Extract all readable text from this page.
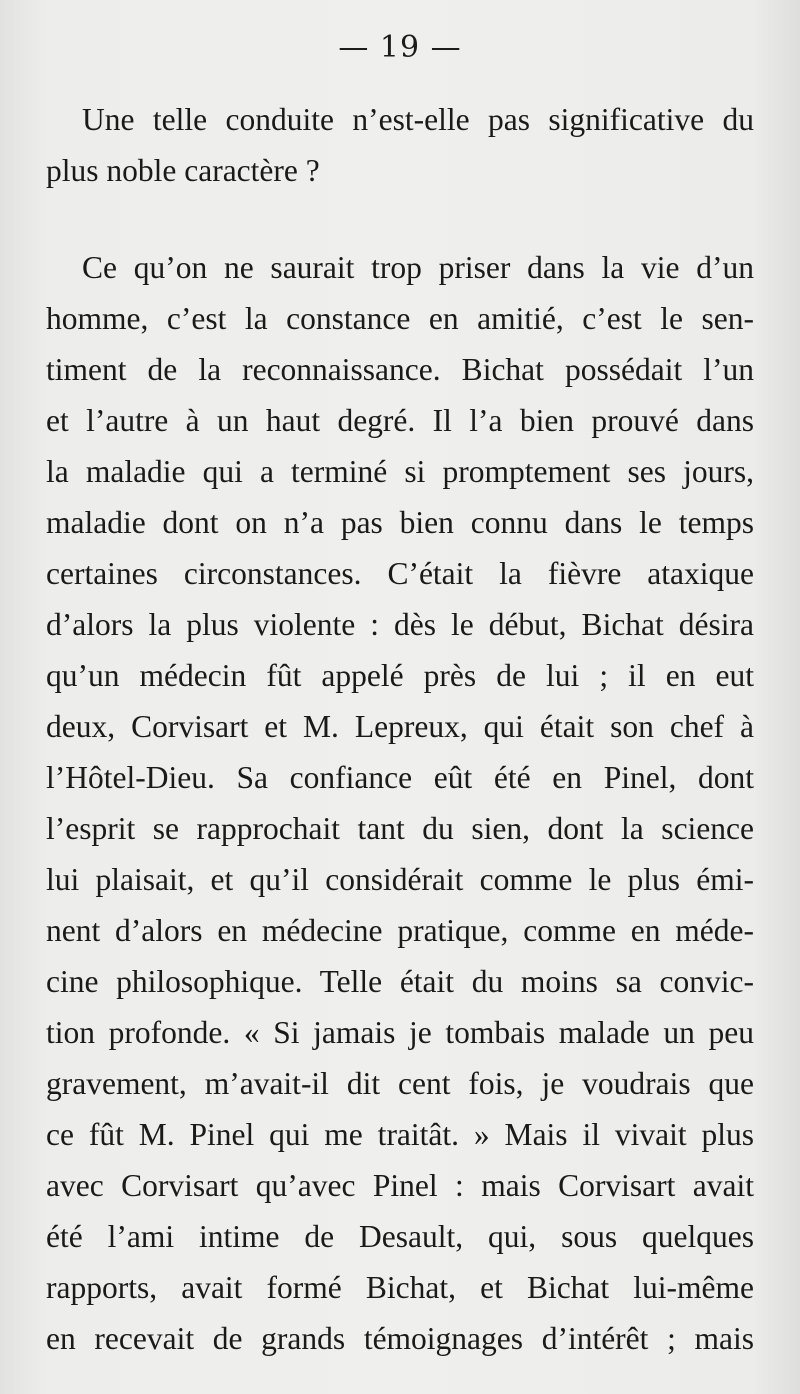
— 19 —
Une telle conduite n’est-elle pas significative du
plus noble caractère ?
Ce qu’on ne saurait trop priser dans la vie d’un
homme, c’est la constance en amitié, c’est le sen-
timent de la reconnaissance. Bichat possédait l’un
et l’autre à un haut degré. Il l’a bien prouvé dans
la maladie qui a terminé si promptement ses jours,
maladie dont on n’a pas bien connu dans le temps
certaines circonstances. C’était la fièvre ataxique
d’alors la plus violente : dès le début, Bichat désira
qu’un médecin fût appelé près de lui ; il en eut
deux, Corvisart et M. Lepreux, qui était son chef à
l’Hôtel-Dieu. Sa confiance eût été en Pinel, dont
l’esprit se rapprochait tant du sien, dont la science
lui plaisait, et qu’il considérait comme le plus émi-
nent d’alors en médecine pratique, comme en méde-
cine philosophique. Telle était du moins sa convic-
tion profonde. « Si jamais je tombais malade un peu
gravement, m’avait-il dit cent fois, je voudrais que
ce fût M. Pinel qui me traitât. » Mais il vivait plus
avec Corvisart qu’avec Pinel : mais Corvisart avait
été l’ami intime de Desault, qui, sous quelques
rapports, avait formé Bichat, et Bichat lui-même
en recevait de grands témoignages d’intérêt ; mais
